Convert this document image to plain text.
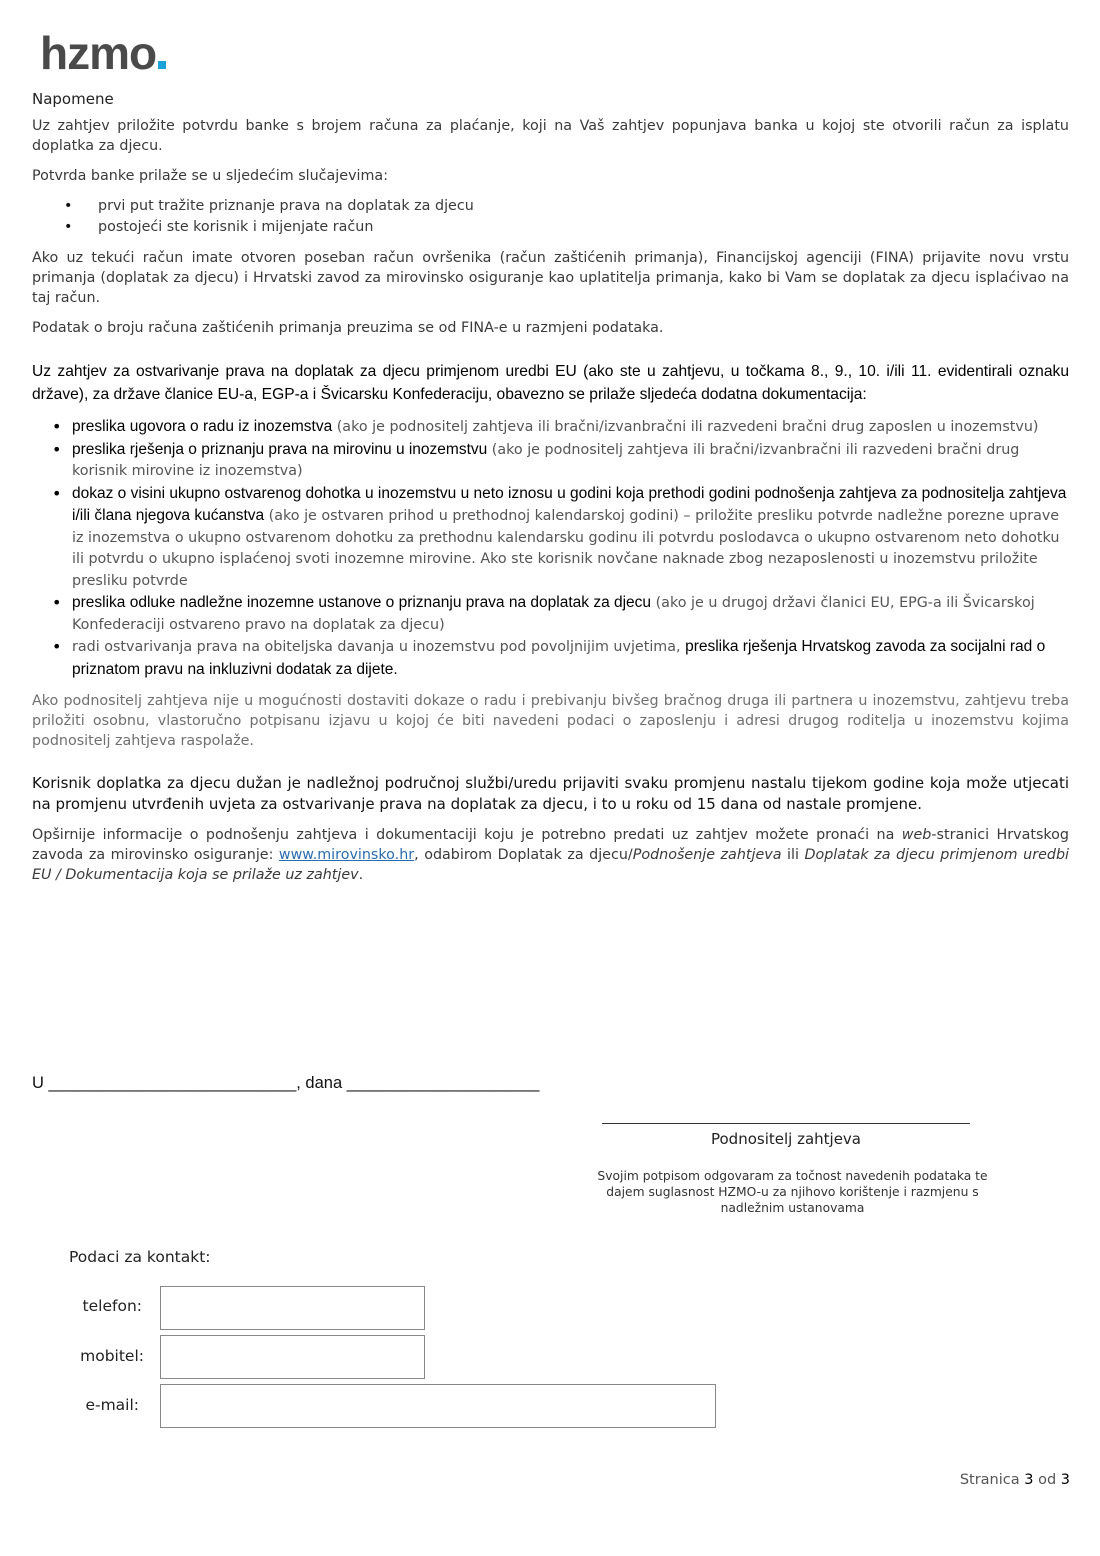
hzmo
Napomene

Uz zahtjev priložite potvrdu banke s brojem računa za plaćanje, koji na Vaš zahtjev popunjava banka u kojoj ste otvorili račun za isplatu doplatka za djecu.

Potvrda banke prilaže se u sljedećim slučajevima:

• prvi put tražite priznanje prava na doplatak za djecu
• postojeći ste korisnik i mijenjate račun

Ako uz tekući račun imate otvoren poseban račun ovršenika (račun zaštićenih primanja), Financijskoj agenciji (FINA) prijavite novu vrstu primanja (doplatak za djecu) i Hrvatski zavod za mirovinsko osiguranje kao uplatitelja primanja, kako bi Vam se doplatak za djecu isplaćivao na taj račun.

Podatak o broju računa zaštićenih primanja preuzima se od FINA-e u razmjeni podataka.

Uz zahtjev za ostvarivanje prava na doplatak za djecu primjenom uredbi EU (ako ste u zahtjevu, u točkama 8., 9., 10. i/ili 11. evidentirali oznaku države), za države članice EU-a, EGP-a i Švicarsku Konfederaciju, obavezno se prilaže sljedeća dodatna dokumentacija:

• preslika ugovora o radu iz inozemstva (ako je podnositelj zahtjeva ili bračni/izvanbračni ili razvedeni bračni drug zaposlen u inozemstvu)
• preslika rješenja o priznanju prava na mirovinu u inozemstvu (ako je podnositelj zahtjeva ili bračni/izvanbračni ili razvedeni bračni drug korisnik mirovine iz inozemstva)
• dokaz o visini ukupno ostvarenog dohotka u inozemstvu u neto iznosu u godini koja prethodi godini podnošenja zahtjeva za podnositelja zahtjeva i/ili člana njegova kućanstva (ako je ostvaren prihod u prethodnoj kalendarskoj godini) – priložite presliku potvrde nadležne porezne uprave iz inozemstva o ukupno ostvarenom dohotku za prethodnu kalendarsku godinu ili potvrdu poslodavca o ukupno ostvarenom neto dohotku ili potvrdu o ukupno isplaćenoj svoti inozemne mirovine. Ako ste korisnik novčane naknade zbog nezaposlenosti u inozemstvu priložite presliku potvrde
• preslika odluke nadležne inozemne ustanove o priznanju prava na doplatak za djecu (ako je u drugoj državi članici EU, EPG-a ili Švicarskoj Konfederaciji ostvareno pravo na doplatak za djecu)
• radi ostvarivanja prava na obiteljska davanja u inozemstvu pod povoljnijim uvjetima, preslika rješenja Hrvatskog zavoda za socijalni rad o priznatom pravu na inkluzivni dodatak za dijete.

Ako podnositelj zahtjeva nije u mogućnosti dostaviti dokaze o radu i prebivanju bivšeg bračnog druga ili partnera u inozemstvu, zahtjevu treba priložiti osobnu, vlastoručno potpisanu izjavu u kojoj će biti navedeni podaci o zaposlenju i adresi drugog roditelja u inozemstvu kojima podnositelj zahtjeva raspolaže.

Korisnik doplatka za djecu dužan je nadležnoj područnoj službi/uredu prijaviti svaku promjenu nastalu tijekom godine koja može utjecati na promjenu utvrđenih uvjeta za ostvarivanje prava na doplatak za djecu, i to u roku od 15 dana od nastale promjene.

Opširnije informacije o podnošenju zahtjeva i dokumentaciji koju je potrebno predati uz zahtjev možete pronaći na web-stranici Hrvatskog zavoda za mirovinsko osiguranje: www.mirovinsko.hr, odabirom Doplatak za djecu/Podnošenje zahtjeva ili Doplatak za djecu primjenom uredbi EU / Dokumentacija koja se prilaže uz zahtjev.

U ___________________________, dana _____________________
Podnositelj zahtjeva
Svojim potpisom odgovaram za točnost navedenih podataka te dajem suglasnost HZMO-u za njihovo korištenje i razmjenu s nadležnim ustanovama
Podaci za kontakt:
telefon:
mobitel:
e-mail:
Stranica 3 od 3
